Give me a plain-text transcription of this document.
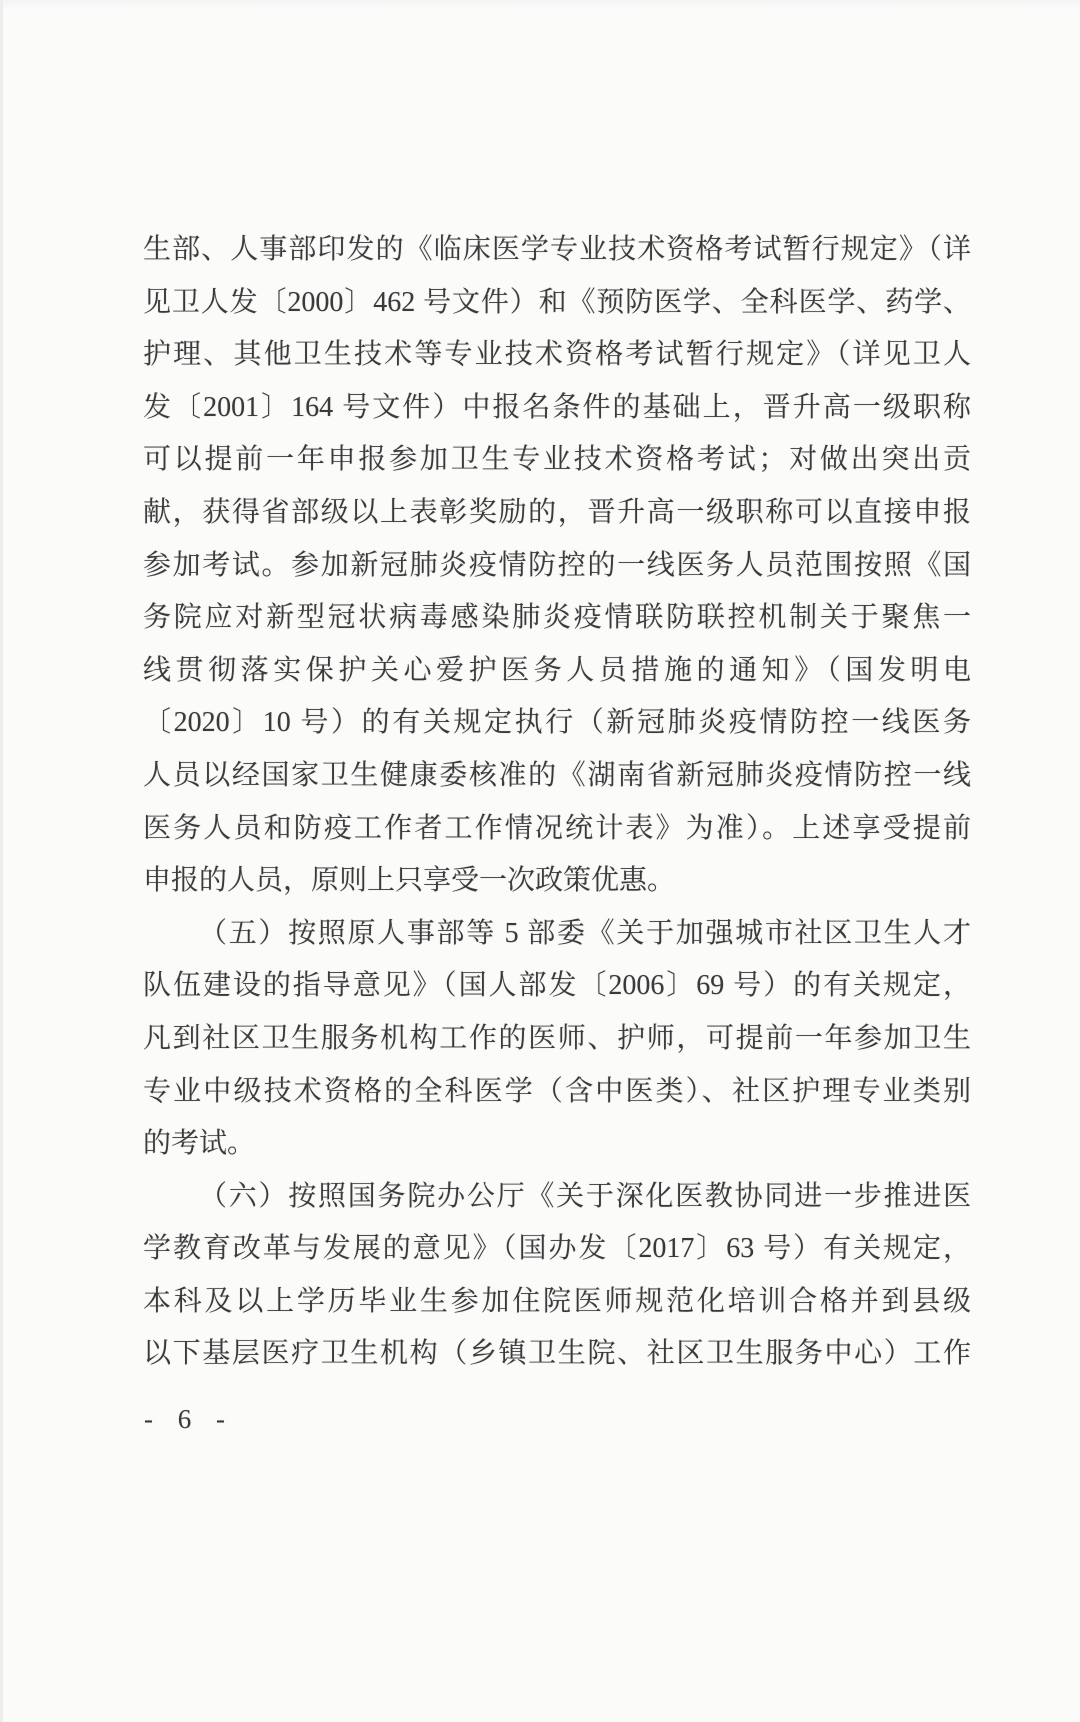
生部、人事部印发的《临床医学专业技术资格考试暂行规定》（详
见卫人发〔2000〕462 号文件）和《预防医学、全科医学、药学、
护理、其他卫生技术等专业技术资格考试暂行规定》（详见卫人
发〔2001〕164 号文件）中报名条件的基础上，晋升高一级职称
可以提前一年申报参加卫生专业技术资格考试；对做出突出贡
献，获得省部级以上表彰奖励的，晋升高一级职称可以直接申报
参加考试。参加新冠肺炎疫情防控的一线医务人员范围按照《国
务院应对新型冠状病毒感染肺炎疫情联防联控机制关于聚焦一
线贯彻落实保护关心爱护医务人员措施的通知》（国发明电
〔2020〕10 号）的有关规定执行（新冠肺炎疫情防控一线医务
人员以经国家卫生健康委核准的《湖南省新冠肺炎疫情防控一线
医务人员和防疫工作者工作情况统计表》为准）。上述享受提前
申报的人员，原则上只享受一次政策优惠。
（五）按照原人事部等 5 部委《关于加强城市社区卫生人才
队伍建设的指导意见》（国人部发〔2006〕69 号）的有关规定，
凡到社区卫生服务机构工作的医师、护师，可提前一年参加卫生
专业中级技术资格的全科医学（含中医类）、社区护理专业类别
的考试。
（六）按照国务院办公厅《关于深化医教协同进一步推进医
学教育改革与发展的意见》（国办发〔2017〕63 号）有关规定，
本科及以上学历毕业生参加住院医师规范化培训合格并到县级
以下基层医疗卫生机构（乡镇卫生院、社区卫生服务中心）工作
- 6 -
